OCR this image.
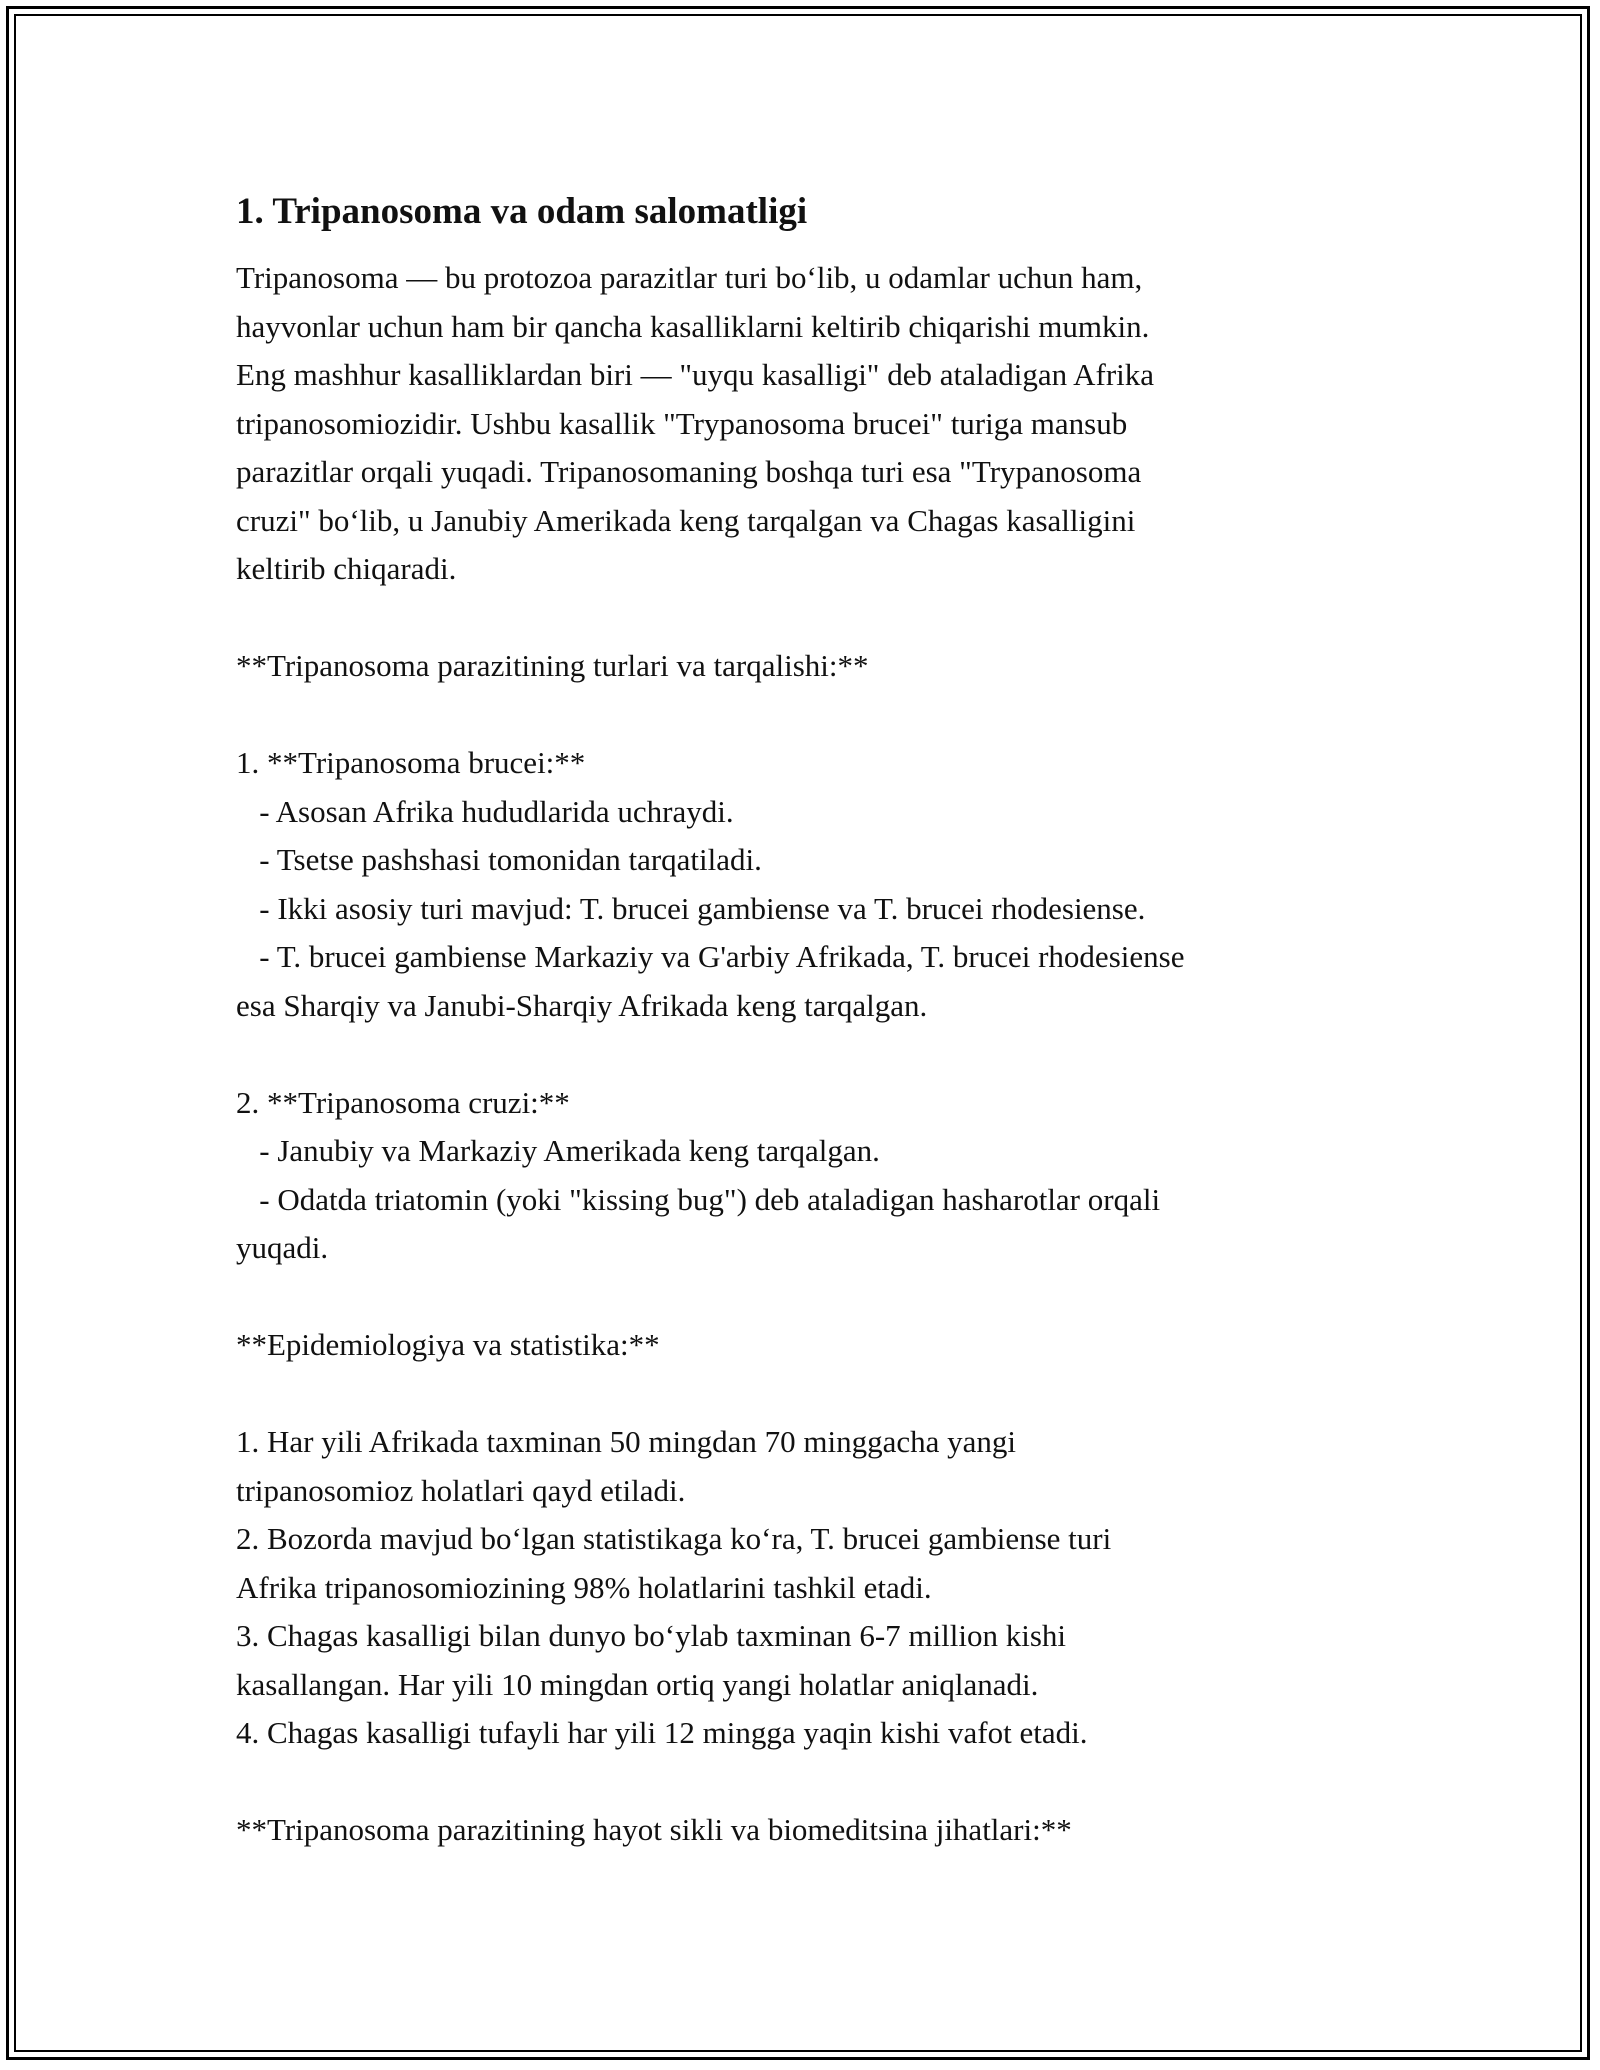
1. Tripanosoma va odam salomatligi

Tripanosoma — bu protozoa parazitlar turi bo‘lib, u odamlar uchun ham,

hayvonlar uchun ham bir qancha kasalliklarni keltirib chiqarishi mumkin.

Eng mashhur kasalliklardan biri — "uyqu kasalligi" deb ataladigan Afrika

tripanosomiozidir. Ushbu kasallik "Trypanosoma brucei" turiga mansub

parazitlar orqali yuqadi. Tripanosomaning boshqa turi esa "Trypanosoma

cruzi" bo‘lib, u Janubiy Amerikada keng tarqalgan va Chagas kasalligini

keltirib chiqaradi.

**Tripanosoma parazitining turlari va tarqalishi:**

1. **Tripanosoma brucei:**

- Asosan Afrika hududlarida uchraydi.

- Tsetse pashshasi tomonidan tarqatiladi.

- Ikki asosiy turi mavjud: T. brucei gambiense va T. brucei rhodesiense.

- T. brucei gambiense Markaziy va G'arbiy Afrikada, T. brucei rhodesiense

esa Sharqiy va Janubi-Sharqiy Afrikada keng tarqalgan.

2. **Tripanosoma cruzi:**

- Janubiy va Markaziy Amerikada keng tarqalgan.

- Odatda triatomin (yoki "kissing bug") deb ataladigan hasharotlar orqali

yuqadi.

**Epidemiologiya va statistika:**

1. Har yili Afrikada taxminan 50 mingdan 70 minggacha yangi

tripanosomioz holatlari qayd etiladi.

2. Bozorda mavjud bo‘lgan statistikaga ko‘ra, T. brucei gambiense turi

Afrika tripanosomiozining 98% holatlarini tashkil etadi.

3. Chagas kasalligi bilan dunyo bo‘ylab taxminan 6-7 million kishi

kasallangan. Har yili 10 mingdan ortiq yangi holatlar aniqlanadi.

4. Chagas kasalligi tufayli har yili 12 mingga yaqin kishi vafot etadi.

**Tripanosoma parazitining hayot sikli va biomeditsina jihatlari:**
